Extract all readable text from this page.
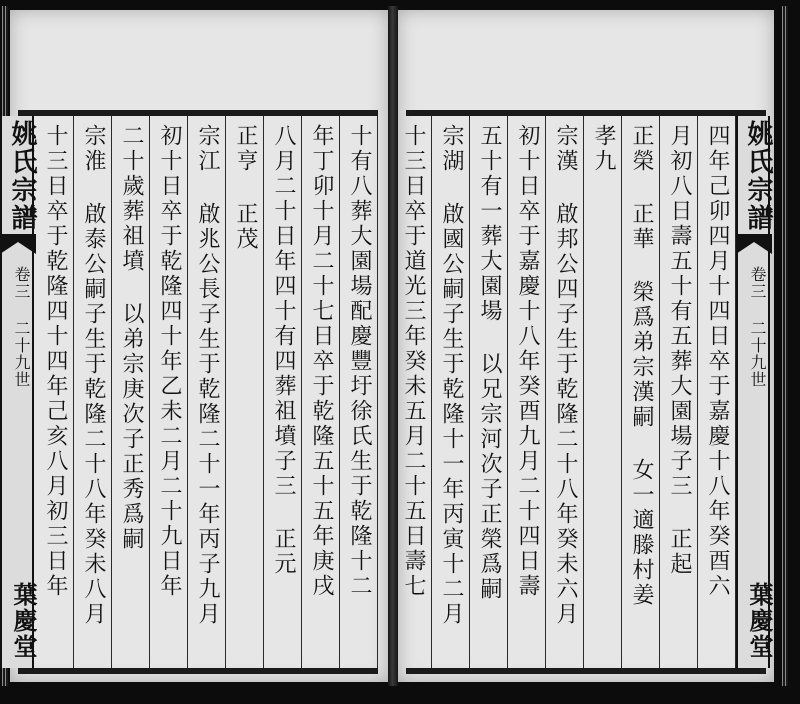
十有八葬大園場配慶豐圩徐氏生于乾隆十二
年丁卯十月二十七日卒于乾隆五十五年庚戌
八月二十日年四十有四葬祖墳子三 正元
正亨 正茂
宗江 啟兆公長子生于乾隆二十一年丙子九月
初十日卒于乾隆四十年乙未二月二十九日年
二十歲葬祖墳 以弟宗庚次子正秀爲嗣
宗淮 啟泰公嗣子生于乾隆二十八年癸未八月
十三日卒于乾隆四十四年己亥八月初三日年
姚氏宗譜
卷三 二十九世
葉慶堂
四年己卯四月十四日卒于嘉慶十八年癸酉六
月初八日壽五十有五葬大園場子三 正起
正榮 正華 榮爲弟宗漢嗣 女一適滕村姜
孝九
宗漢 啟邦公四子生于乾隆二十八年癸未六月
初十日卒于嘉慶十八年癸酉九月二十四日壽
五十有一葬大園場 以兄宗河次子正榮爲嗣
宗湖 啟國公嗣子生于乾隆十一年丙寅十二月
十三日卒于道光三年癸未五月二十五日壽七	姚氏宗譜
卷三 二十九世
葉慶堂
